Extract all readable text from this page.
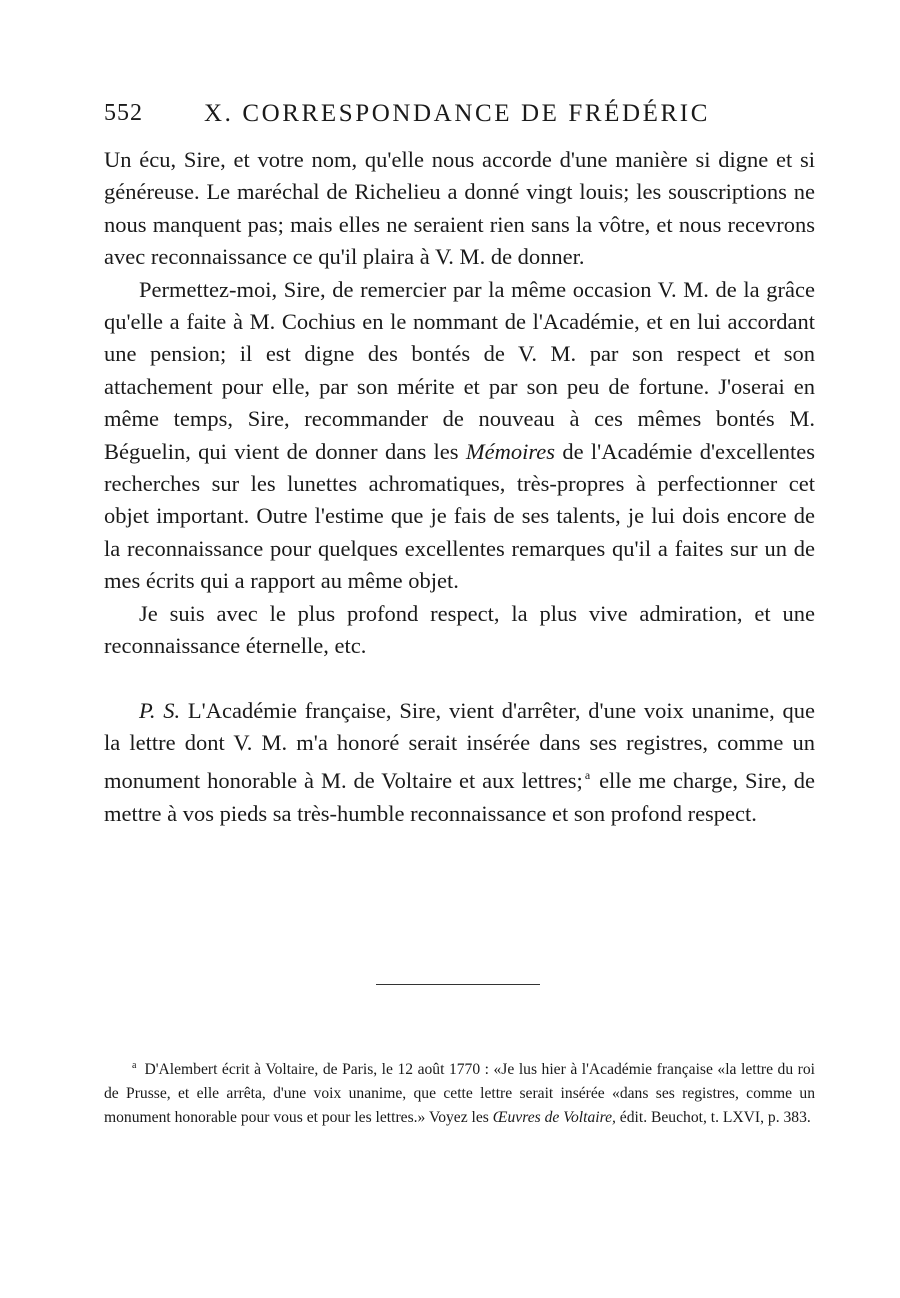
552 X. CORRESPONDANCE DE FRÉDÉRIC

Un écu, Sire, et votre nom, qu'elle nous accorde d'une manière si digne et si généreuse. Le maréchal de Richelieu a donné vingt louis; les souscriptions ne nous manquent pas; mais elles ne seraient rien sans la vôtre, et nous recevrons avec reconnaissance ce qu'il plaira à V. M. de donner.

Permettez-moi, Sire, de remercier par la même occasion V. M. de la grâce qu'elle a faite à M. Cochius en le nommant de l'Académie, et en lui accordant une pension; il est digne des bontés de V. M. par son respect et son attachement pour elle, par son mérite et par son peu de fortune. J'oserai en même temps, Sire, recommander de nouveau à ces mêmes bontés M. Béguelin, qui vient de donner dans les Mémoires de l'Académie d'excellentes recherches sur les lunettes achromatiques, très-propres à perfectionner cet objet important. Outre l'estime que je fais de ses talents, je lui dois encore de la reconnaissance pour quelques excellentes remarques qu'il a faites sur un de mes écrits qui a rapport au même objet.

Je suis avec le plus profond respect, la plus vive admiration, et une reconnaissance éternelle, etc.

P. S. L'Académie française, Sire, vient d'arrêter, d'une voix unanime, que la lettre dont V. M. m'a honoré serait insérée dans ses registres, comme un monument honorable à M. de Voltaire et aux lettres; $^a$ elle me charge, Sire, de mettre à vos pieds sa très-humble reconnaissance et son profond respect.

$^a$ D'Alembert écrit à Voltaire, de Paris, le 12 août 1770 : «Je lus hier à l'Académie française «la lettre du roi de Prusse, et elle arrêta, d'une voix unanime, que cette lettre serait insérée «dans ses registres, comme un monument honorable pour vous et pour les lettres.» Voyez les Œuvres de Voltaire, édit. Beuchot, t. LXVI, p. 383.
